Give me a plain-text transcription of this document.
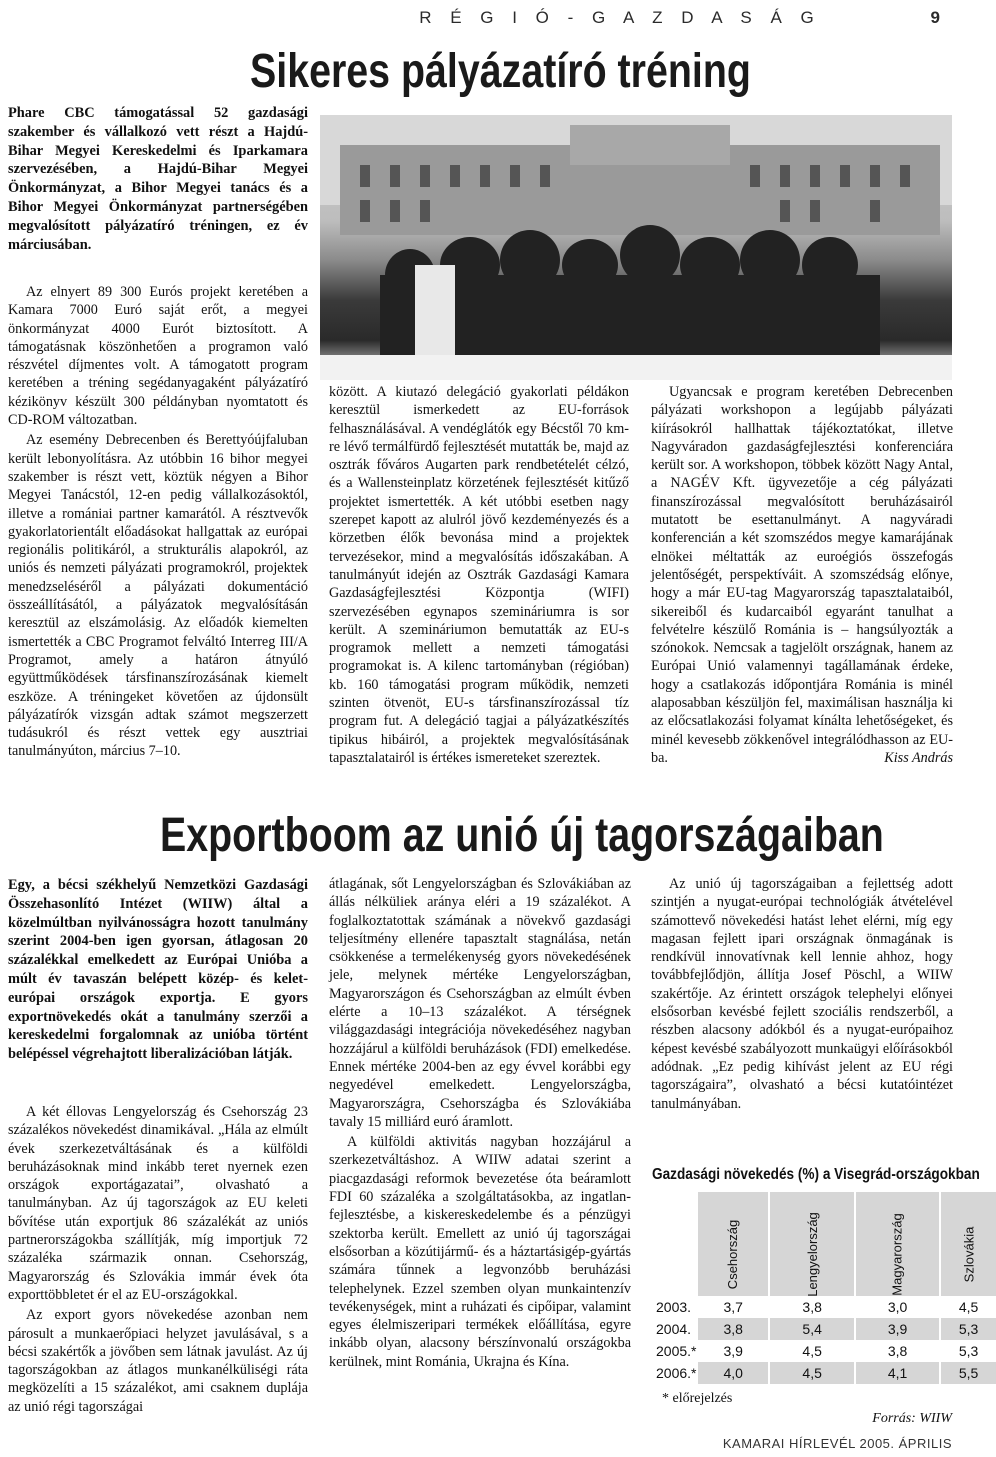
R É G I Ó - G A Z D A S Á G	9
Sikeres pályázatíró tréning
Phare CBC támogatással 52 gazdasági szakember és vállalkozó vett részt a Hajdú-Bihar Megyei Kereskedelmi és Iparkamara szervezésében, a Hajdú-Bihar Megyei Önkormányzat, a Bihor Megyei tanács és a Bihor Megyei Önkormányzat partnerségében megvalósított pályázatíró tréningen, ez év márciusában.

Az elnyert 89 300 Eurós projekt keretében a Kamara 7000 Euró saját erőt, a megyei önkormányzat 4000 Eurót biztosított. A támogatásnak köszönhetően a programon való részvétel díjmentes volt. A támogatott program keretében a tréning segédanyagaként pályázatíró kézikönyv készült 300 példányban nyomtatott és CD-ROM változatban.

Az esemény Debrecenben és Berettyóújfaluban került lebonyolításra. Az utóbbin 16 bihor megyei szakember is részt vett, köztük négyen a Bihor Megyei Tanácstól, 12-en pedig vállalkozásoktól, illetve a romániai partner kamarától. A résztvevők gyakorlatorientált előadásokat hallgattak az európai regionális politikáról, a strukturális alapokról, az uniós és nemzeti pályázati programokról, projektek menedzseléséről a pályázati dokumentáció összeállításától, a pályázatok megvalósításán keresztül az elszámolásig. Az előadók kiemelten ismertették a CBC Programot felváltó Interreg III/A Programot, amely a határon átnyúló együttműködések társfinanszírozásának kiemelt eszköze. A tréningeket követően az újdonsült pályázatírók vizsgán adtak számot megszerzett tudásukról és részt vettek egy ausztriai tanulmányúton, március 7–10.

között. A kiutazó delegáció gyakorlati példákon keresztül ismerkedett az EU-források felhasználásával. A vendéglátók egy Bécstől 70 km-re lévő termálfürdő fejlesztését mutatták be, majd az osztrák főváros Augarten park rendbetételét célzó, és a Wallensteinplatz körzetének fejlesztését kitűző projektet ismertették. A két utóbbi esetben nagy szerepet kapott az alulról jövő kezdeményezés és a körzetben élők bevonása mind a projektek tervezésekor, mind a megvalósítás időszakában. A tanulmányút idején az Osztrák Gazdasági Kamara Gazdaságfejlesztési Központja (WIFI) szervezésében egynapos szemináriumra is sor került. A szemináriumon bemutatták az EU-s programok mellett a nemzeti támogatási programokat is. A kilenc tartományban (régióban) kb. 160 támogatási program működik, nemzeti szinten ötvenöt, EU-s társfinanszírozással tíz program fut. A delegáció tagjai a pályázatkészítés tipikus hibáiról, a projektek megvalósításának tapasztalatairól is értékes ismereteket szereztek.

Ugyancsak e program keretében Debrecenben pályázati workshopon a legújabb pályázati kiírásokról hallhattak tájékoztatókat, illetve Nagyváradon gazdaságfejlesztési konferenciára került sor. A workshopon, többek között Nagy Antal, a NAGÉV Kft. ügyvezetője a cég pályázati finanszírozással megvalósított beruházásairól mutatott be esettanulmányt. A nagyváradi konferencián a két szomszédos megye kamarájának elnökei méltatták az euroégiós összefogás jelentőségét, perspektíváit. A szomszédság előnye, hogy a már EU-tag Magyarország tapasztalataiból, sikereiből és kudarcaiból egyaránt tanulhat a felvételre készülő Románia is – hangsúlyozták a szónokok. Nemcsak a tagjelölt országnak, hanem az Európai Unió valamennyi tagállamának érdeke, hogy a csatlakozás időpontjára Románia is minél alaposabban készüljön fel, maximálisan használja ki az előcsatlakozási folyamat kínálta lehetőségeket, és minél kevesebb zökkenővel integrálódhasson az EU-ba.	Kiss András

Exportboom az unió új tagországaiban
Egy, a bécsi székhelyű Nemzetközi Gazdasági Összehasonlító Intézet (WIIW) által a közelmúltban nyilvánosságra hozott tanulmány szerint 2004-ben igen gyorsan, átlagosan 20 százalékkal emelkedett az Európai Unióba a múlt év tavaszán belépett közép- és kelet-európai országok exportja. E gyors exportnövekedés okát a tanulmány szerzői a kereskedelmi forgalomnak az unióba történt belépéssel végrehajtott liberalizációban látják.

A két éllovas Lengyelország és Csehország 23 százalékos növekedést dinamikával. „Hála az elmúlt évek szerkezetváltásának és a külföldi beruházásoknak mind inkább teret nyernek ezen országok exportágazatai”, olvasható a tanulmányban. Az új tagországok az EU keleti bővítése után exportjuk 86 százalékát az uniós partnerországokba szállítják, míg importjuk 72 százaléka származik onnan. Csehország, Magyarország és Szlovákia immár évek óta exporttöbbletet ér el az EU-országokkal.

Az export gyors növekedése azonban nem párosult a munkaerőpiaci helyzet javulásával, s a bécsi szakértők a jövőben sem látnak javulást. Az új tagországokban az átlagos munkanélküliségi ráta megközelíti a 15 százalékot, ami csaknem duplája az unió régi tagországai

átlagának, sőt Lengyelországban és Szlovákiában az állás nélküliek aránya eléri a 19 százalékot. A foglalkoztatottak számának a növekvő gazdasági teljesítmény ellenére tapasztalt stagnálása, netán csökkenése a termelékenység gyors növekedésének jele, melynek mértéke Lengyelországban, Magyarországon és Csehországban az elmúlt évben elérte a 10–13 százalékot. A térségnek világgazdasági integrációja növekedéséhez nagyban hozzájárul a külföldi beruházások (FDI) emelkedése. Ennek mértéke 2004-ben az egy évvel korábbi egy negyedével emelkedett. Lengyelországba, Magyarországra, Csehországba és Szlovákiába tavaly 15 milliárd euró áramlott.

A külföldi aktivitás nagyban hozzájárul a szerkezetváltáshoz. A WIIW adatai szerint a piacgazdasági reformok bevezetése óta beáramlott FDI 60 százaléka a szolgáltatásokba, az ingatlan-fejlesztésbe, a kiskereskedelembe és a pénzügyi szektorba került. Emellett az unió új tagországai elsősorban a közútijármű- és a háztartásigép-gyártás számára tűnnek a legvonzóbb beruházási telephelynek. Ezzel szemben olyan munkaintenzív tevékenységek, mint a ruházati és cipőipar, valamint egyes élelmiszeripari termékek előállítása, egyre inkább olyan, alacsony bérszínvonalú országokba kerülnek, mint Románia, Ukrajna és Kína.

Az unió új tagországaiban a fejlettség adott szintjén a nyugat-európai technológiák átvételével számottevő növekedési hatást lehet elérni, míg egy magasan fejlett ipari országnak önmagának is rendkívül innovatívnak kell lennie ahhoz, hogy továbbfejlődjön, állítja Josef Pöschl, a WIIW szakértője. Az érintett országok telephelyi előnyei elsősorban kevésbé fejlett szociális rendszerből, a részben alacsony adókból és a nyugat-európaihoz képest kevésbé szabályozott munkaügyi előírásokból adódnak. „Ez pedig kihívást jelent az EU régi tagországaira”, olvasható a bécsi kutatóintézet tanulmányában.

Gazdasági növekedés (%) a Visegrád-országokban
	Csehország	Lengyelország	Magyarország	Szlovákia
2003.	3,7	3,8	3,0	4,5
2004.	3,8	5,4	3,9	5,3
2005.*	3,9	4,5	3,8	5,3
2006.*	4,0	4,5	4,1	5,5
* előrejelzés
Forrás: WIIW
KAMARAI HÍRLEVÉL 2005. ÁPRILIS
